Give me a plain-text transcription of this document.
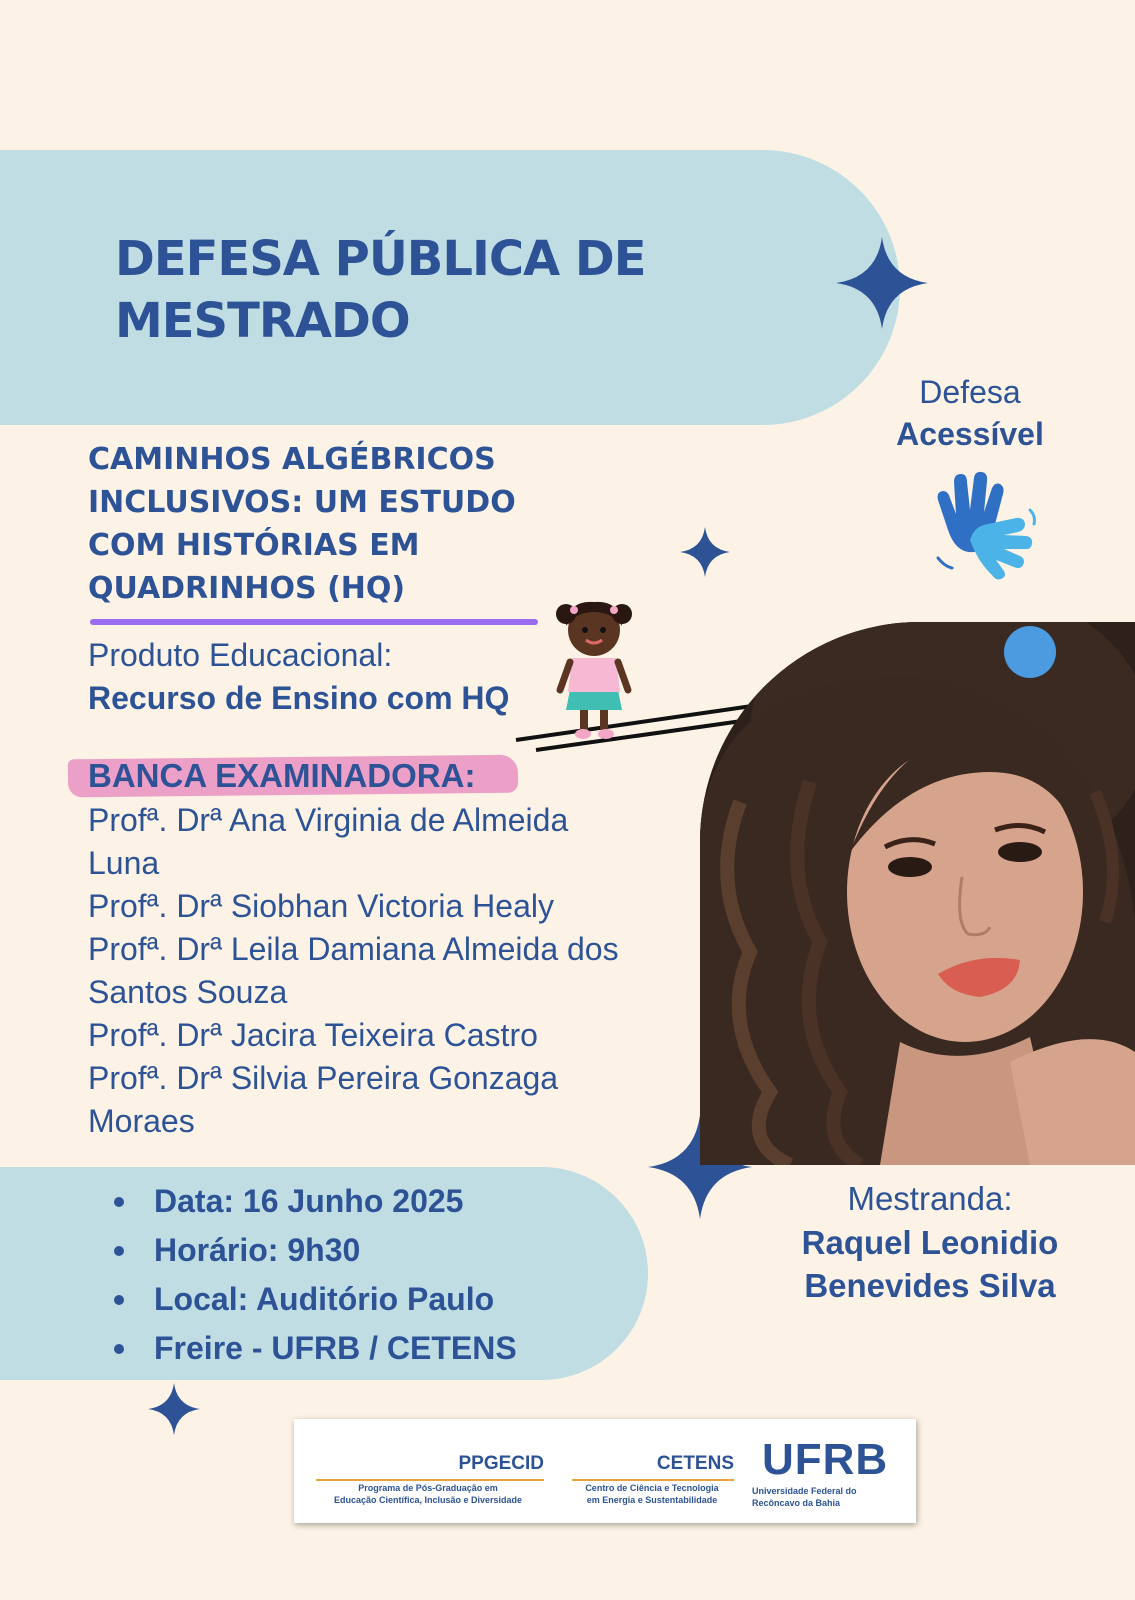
DEFESA PÚBLICA DE
MESTRADO
Defesa
Acessível
CAMINHOS ALGÉBRICOS
INCLUSIVOS: UM ESTUDO
COM HISTÓRIAS EM
QUADRINHOS (HQ)
Produto Educacional:
Recurso de Ensino com HQ
BANCA EXAMINADORA:
Profª. Drª Ana Virginia de Almeida
Luna
Profª. Drª Siobhan Victoria Healy
Profª. Drª Leila Damiana Almeida dos
Santos Souza
Profª. Drª Jacira Teixeira Castro
Profª. Drª Silvia Pereira Gonzaga
Moraes
Data: 16 Junho 2025
Horário: 9h30
Local: Auditório Paulo
Freire - UFRB / CETENS
Mestranda:
Raquel Leonidio
Benevides Silva
PPGECID
Programa de Pós-Graduação em
Educação Científica, Inclusão e Diversidade
CETENS
Centro de Ciência e Tecnologia
em Energia e Sustentabilidade
UFRB
Universidade Federal do
Recôncavo da Bahia
